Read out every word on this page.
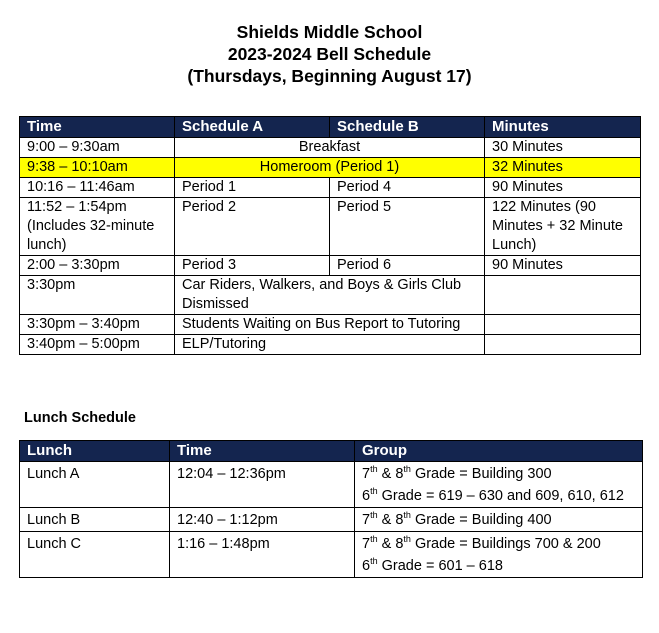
Shields Middle School
2023-2024 Bell Schedule
(Thursdays, Beginning August 17)
Time	Schedule A	Schedule B	Minutes
9:00 – 9:30am	Breakfast		30 Minutes
9:38 – 10:10am	Homeroom (Period 1)		32 Minutes
10:16 – 11:46am	Period 1	Period 4	90 Minutes
11:52 – 1:54pm (Includes 32-minute lunch)	Period 2	Period 5	122 Minutes (90 Minutes + 32 Minute Lunch)
2:00 – 3:30pm	Period 3	Period 6	90 Minutes
3:30pm	Car Riders, Walkers, and Boys & Girls Club Dismissed		
3:30pm – 3:40pm	Students Waiting on Bus Report to Tutoring		
3:40pm – 5:00pm	ELP/Tutoring		
Lunch Schedule
Lunch	Time	Group
Lunch A	12:04 – 12:36pm	7th & 8th Grade = Building 300
6th Grade = 619 – 630 and 609, 610, 612

Lunch B	12:40 – 1:12pm	7th & 8th Grade = Building 400

Lunch C	1:16 – 1:48pm	7th & 8th Grade = Buildings 700 & 200
6th Grade = 601 – 618
